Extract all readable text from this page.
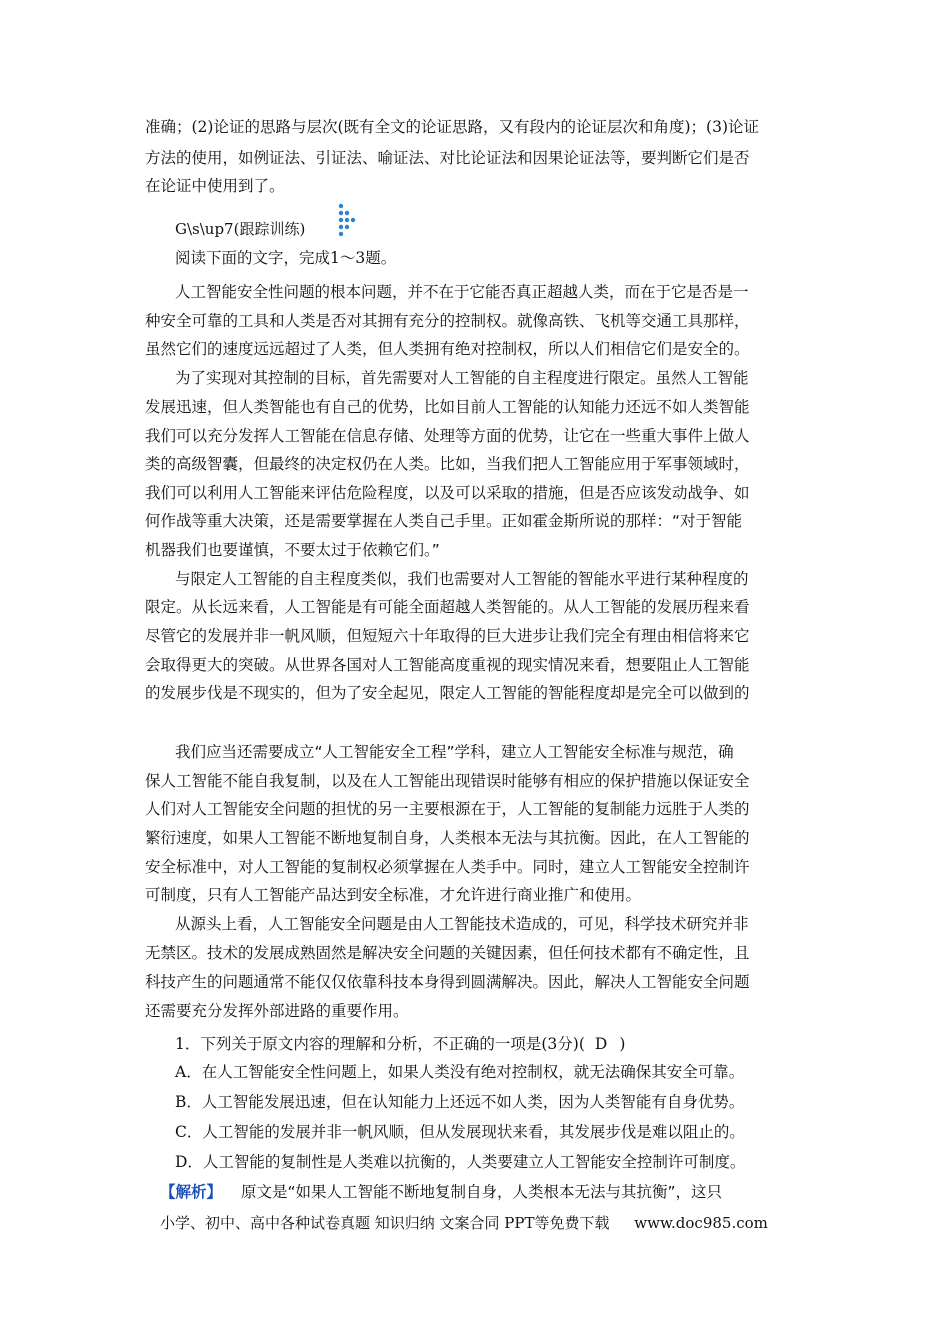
准确；(2)论证的思路与层次(既有全文的论证思路，又有段内的论证层次和角度)；(3)论证
方法的使用，如例证法、引证法、喻证法、对比论证法和因果论证法等，要判断它们是否
在论证中使用到了。
G\s\up7(跟踪训练)
阅读下面的文字，完成1～3题。
人工智能安全性问题的根本问题，并不在于它能否真正超越人类，而在于它是否是一
种安全可靠的工具和人类是否对其拥有充分的控制权。就像高铁、飞机等交通工具那样，
虽然它们的速度远远超过了人类，但人类拥有绝对控制权，所以人们相信它们是安全的。
为了实现对其控制的目标，首先需要对人工智能的自主程度进行限定。虽然人工智能
发展迅速，但人类智能也有自己的优势，比如目前人工智能的认知能力还远不如人类智能
我们可以充分发挥人工智能在信息存储、处理等方面的优势，让它在一些重大事件上做人
类的高级智囊，但最终的决定权仍在人类。比如，当我们把人工智能应用于军事领域时，
我们可以利用人工智能来评估危险程度，以及可以采取的措施，但是否应该发动战争、如
何作战等重大决策，还是需要掌握在人类自己手里。正如霍金斯所说的那样：“对于智能
机器我们也要谨慎，不要太过于依赖它们。”
与限定人工智能的自主程度类似，我们也需要对人工智能的智能水平进行某种程度的
限定。从长远来看，人工智能是有可能全面超越人类智能的。从人工智能的发展历程来看
尽管它的发展并非一帆风顺，但短短六十年取得的巨大进步让我们完全有理由相信将来它
会取得更大的突破。从世界各国对人工智能高度重视的现实情况来看，想要阻止人工智能
的发展步伐是不现实的，但为了安全起见，限定人工智能的智能程度却是完全可以做到的
我们应当还需要成立“人工智能安全工程”学科，建立人工智能安全标准与规范，确
保人工智能不能自我复制，以及在人工智能出现错误时能够有相应的保护措施以保证安全
人们对人工智能安全问题的担忧的另一主要根源在于，人工智能的复制能力远胜于人类的
繁衍速度，如果人工智能不断地复制自身，人类根本无法与其抗衡。因此，在人工智能的
安全标准中，对人工智能的复制权必须掌握在人类手中。同时，建立人工智能安全控制许
可制度，只有人工智能产品达到安全标准，才允许进行商业推广和使用。
从源头上看，人工智能安全问题是由人工智能技术造成的，可见，科学技术研究并非
无禁区。技术的发展成熟固然是解决安全问题的关键因素，但任何技术都有不确定性，且
科技产生的问题通常不能仅仅依靠科技本身得到圆满解决。因此，解决人工智能安全问题
还需要充分发挥外部进路的重要作用。
1．下列关于原文内容的理解和分析，不正确的一项是(3分)( D )
A．在人工智能安全性问题上，如果人类没有绝对控制权，就无法确保其安全可靠。
B．人工智能发展迅速，但在认知能力上还远不如人类，因为人类智能有自身优势。
C．人工智能的发展并非一帆风顺，但从发展现状来看，其发展步伐是难以阻止的。
D．人工智能的复制性是人类难以抗衡的，人类要建立人工智能安全控制许可制度。
【解析】 原文是“如果人工智能不断地复制自身，人类根本无法与其抗衡”，这只
小学、初中、高中各种试卷真题 知识归纳 文案合同 PPT等免费下载 www.doc985.com
